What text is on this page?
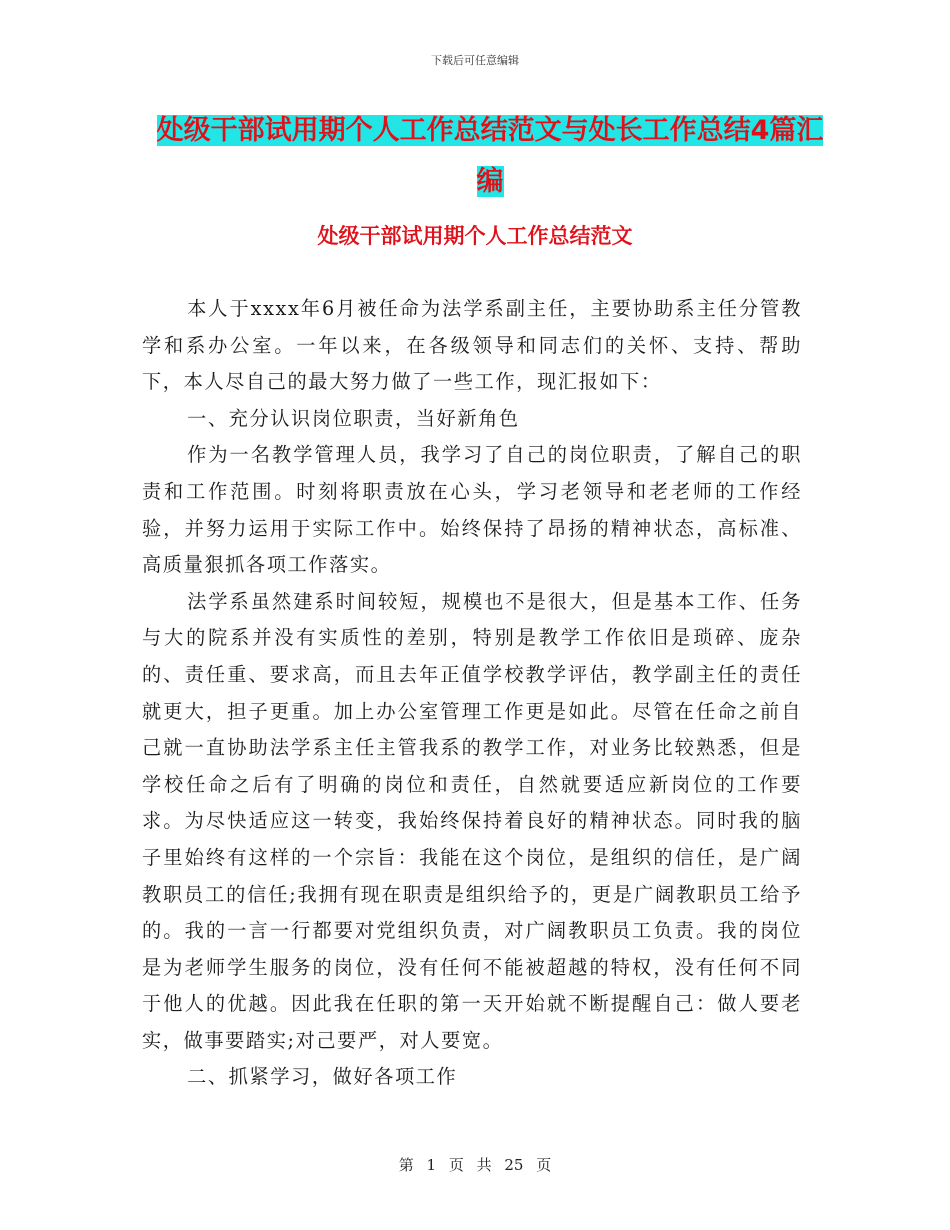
下载后可任意编辑
处级干部试用期个人工作总结范文与处长工作总结4篇汇编
处级干部试用期个人工作总结范文

本人于xxxx年6月被任命为法学系副主任，主要协助系主任分管教学和系办公室。一年以来，在各级领导和同志们的关怀、支持、帮助下，本人尽自己的最大努力做了一些工作，现汇报如下：

一、充分认识岗位职责，当好新角色

作为一名教学管理人员，我学习了自己的岗位职责，了解自己的职责和工作范围。时刻将职责放在心头，学习老领导和老老师的工作经验，并努力运用于实际工作中。始终保持了昂扬的精神状态，高标准、高质量狠抓各项工作落实。

法学系虽然建系时间较短，规模也不是很大，但是基本工作、任务与大的院系并没有实质性的差别，特别是教学工作依旧是琐碎、庞杂的、责任重、要求高，而且去年正值学校教学评估，教学副主任的责任就更大，担子更重。加上办公室管理工作更是如此。尽管在任命之前自己就一直协助法学系主任主管我系的教学工作，对业务比较熟悉，但是学校任命之后有了明确的岗位和责任，自然就要适应新岗位的工作要求。为尽快适应这一转变，我始终保持着良好的精神状态。同时我的脑子里始终有这样的一个宗旨：我能在这个岗位，是组织的信任，是广阔教职员工的信任;我拥有现在职责是组织给予的，更是广阔教职员工给予的。我的一言一行都要对党组织负责，对广阔教职员工负责。我的岗位是为老师学生服务的岗位，没有任何不能被超越的特权，没有任何不同于他人的优越。因此我在任职的第一天开始就不断提醒自己：做人要老实，做事要踏实;对己要严，对人要宽。

二、抓紧学习，做好各项工作

第 1 页 共 25 页
